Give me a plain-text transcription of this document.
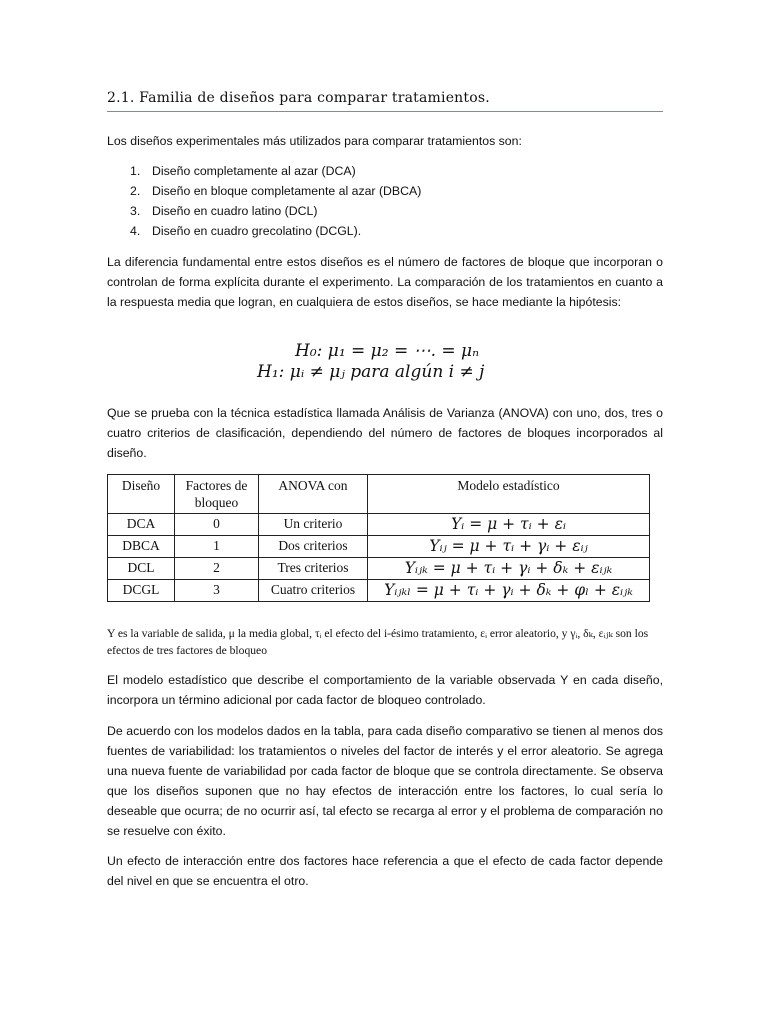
2.1. Familia de diseños para comparar tratamientos.
Los diseños experimentales más utilizados para comparar tratamientos son:
1. Diseño completamente al azar (DCA)
2. Diseño en bloque completamente al azar (DBCA)
3. Diseño en cuadro latino (DCL)
4. Diseño en cuadro grecolatino (DCGL).
La diferencia fundamental entre estos diseños es el número de factores de bloque que incorporan o controlan de forma explícita durante el experimento. La comparación de los tratamientos en cuanto a la respuesta media que logran, en cualquiera de estos diseños, se hace mediante la hipótesis:
H₀: μ₁ = μ₂ = ⋯. = μₙ
H₁: μᵢ ≠ μⱼ para algún i ≠ j
Que se prueba con la técnica estadística llamada Análisis de Varianza (ANOVA) con uno, dos, tres o cuatro criterios de clasificación, dependiendo del número de factores de bloques incorporados al diseño.
Diseño	Factores de bloqueo	ANOVA con	Modelo estadístico
DCA	0	Un criterio	Yᵢ = μ + τᵢ + εᵢ
DBCA	1	Dos criterios	Yᵢⱼ = μ + τᵢ + γᵢ + εᵢⱼ
DCL	2	Tres criterios	Yᵢⱼₖ = μ + τᵢ + γᵢ + δₖ + εᵢⱼₖ
DCGL	3	Cuatro criterios	Yᵢⱼₖₗ = μ + τᵢ + γᵢ + δₖ + φₗ + εᵢⱼₖ
Y es la variable de salida, μ la media global, τᵢ el efecto del i-ésimo tratamiento, εᵢ error aleatorio, y γᵢ, δₖ, εᵢⱼₖ son los efectos de tres factores de bloqueo
El modelo estadístico que describe el comportamiento de la variable observada Y en cada diseño, incorpora un término adicional por cada factor de bloqueo controlado.
De acuerdo con los modelos dados en la tabla, para cada diseño comparativo se tienen al menos dos fuentes de variabilidad: los tratamientos o niveles del factor de interés y el error aleatorio. Se agrega una nueva fuente de variabilidad por cada factor de bloque que se controla directamente. Se observa que los diseños suponen que no hay efectos de interacción entre los factores, lo cual sería lo deseable que ocurra; de no ocurrir así, tal efecto se recarga al error y el problema de comparación no se resuelve con éxito.
Un efecto de interacción entre dos factores hace referencia a que el efecto de cada factor depende del nivel en que se encuentra el otro.
